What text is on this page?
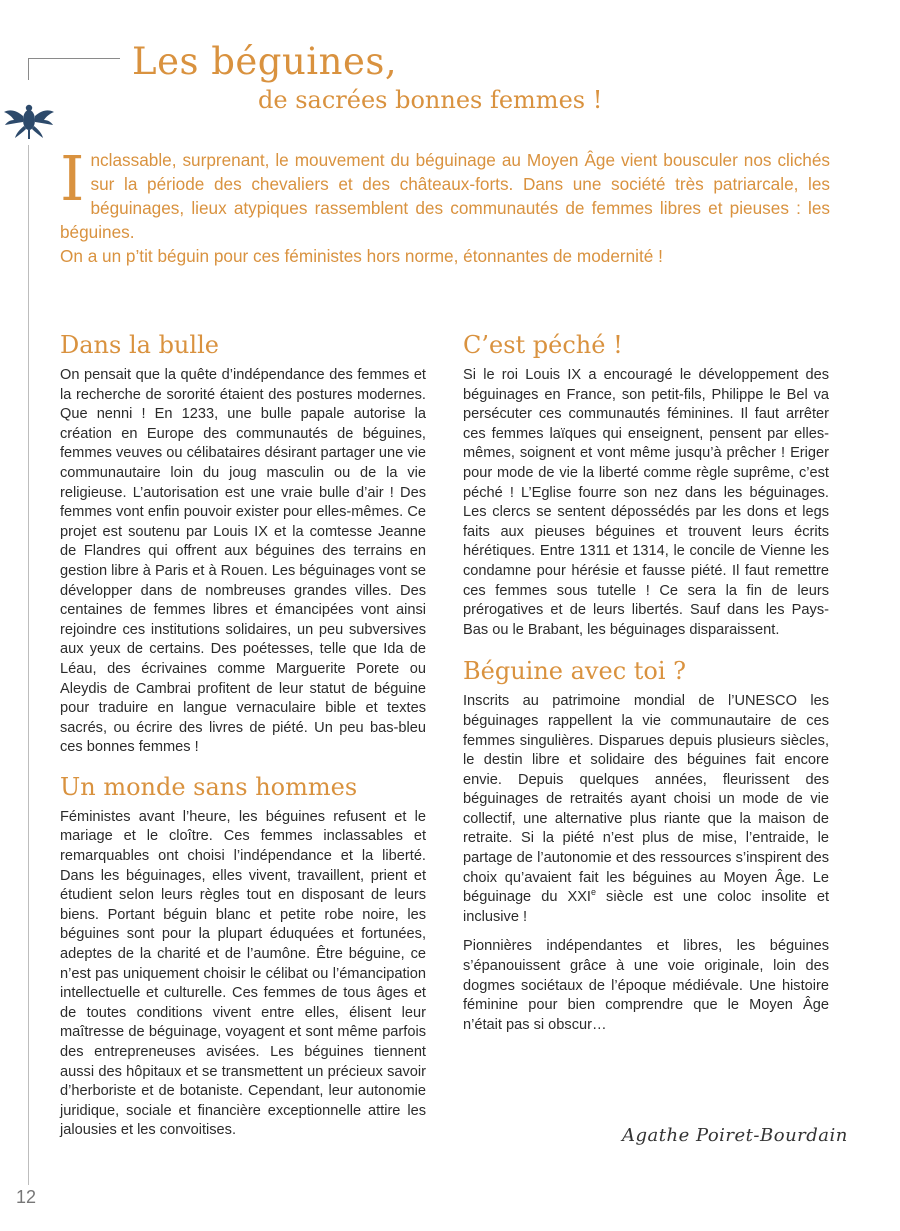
Les béguines,
de sacrées bonnes femmes !
I nclassable, surprenant, le mouvement du béguinage au Moyen Âge vient bousculer nos clichés sur la période des chevaliers et des châteaux-forts. Dans une société très patriarcale, les béguinages, lieux atypiques rassemblent des communautés de femmes libres et pieuses : les béguines.

On a un p’tit béguin pour ces féministes hors norme, étonnantes de modernité !

Dans la bulle

On pensait que la quête d’indépendance des femmes et la recherche de sororité étaient des postures modernes. Que nenni ! En 1233, une bulle papale autorise la création en Europe des communautés de béguines, femmes veuves ou célibataires désirant partager une vie communautaire loin du joug masculin ou de la vie religieuse. L’autorisation est une vraie bulle d’air ! Des femmes vont enfin pouvoir exister pour elles-mêmes. Ce projet est soutenu par Louis IX et la comtesse Jeanne de Flandres qui offrent aux béguines des terrains en gestion libre à Paris et à Rouen. Les béguinages vont se développer dans de nombreuses grandes villes. Des centaines de femmes libres et émancipées vont ainsi rejoindre ces institutions solidaires, un peu subversives aux yeux de certains. Des poétesses, telle que Ida de Léau, des écrivaines comme Marguerite Porete ou Aleydis de Cambrai profitent de leur statut de béguine pour traduire en langue vernaculaire bible et textes sacrés, ou écrire des livres de piété. Un peu bas-bleu ces bonnes femmes !

Un monde sans hommes

Féministes avant l’heure, les béguines refusent et le mariage et le cloître. Ces femmes inclassables et remarquables ont choisi l’indépendance et la liberté. Dans les béguinages, elles vivent, travaillent, prient et étudient selon leurs règles tout en disposant de leurs biens. Portant béguin blanc et petite robe noire, les béguines sont pour la plupart éduquées et fortunées, adeptes de la charité et de l’aumône. Être béguine, ce n’est pas uniquement choisir le célibat ou l’émancipation intellectuelle et culturelle. Ces femmes de tous âges et de toutes conditions vivent entre elles, élisent leur maîtresse de béguinage, voyagent et sont même parfois des entrepreneuses avisées. Les béguines tiennent aussi des hôpitaux et se transmettent un précieux savoir d’herboriste et de botaniste. Cependant, leur autonomie juridique, sociale et financière exceptionnelle attire les jalousies et les convoitises.

C’est péché !

Si le roi Louis IX a encouragé le développement des béguinages en France, son petit-fils, Philippe le Bel va persécuter ces communautés féminines. Il faut arrêter ces femmes laïques qui enseignent, pensent par elles-mêmes, soignent et vont même jusqu’à prêcher ! Eriger pour mode de vie la liberté comme règle suprême, c’est péché ! L’Eglise fourre son nez dans les béguinages. Les clercs se sentent dépossédés par les dons et legs faits aux pieuses béguines et trouvent leurs écrits hérétiques. Entre 1311 et 1314, le concile de Vienne les condamne pour hérésie et fausse piété. Il faut remettre ces femmes sous tutelle ! Ce sera la fin de leurs prérogatives et de leurs libertés. Sauf dans les Pays-Bas ou le Brabant, les béguinages disparaissent.

Béguine avec toi ?

Inscrits au patrimoine mondial de l’UNESCO les béguinages rappellent la vie communautaire de ces femmes singulières. Disparues depuis plusieurs siècles, le destin libre et solidaire des béguines fait encore envie. Depuis quelques années, fleurissent des béguinages de retraités ayant choisi un mode de vie collectif, une alternative plus riante que la maison de retraite. Si la piété n’est plus de mise, l’entraide, le partage de l’autonomie et des ressources s’inspirent des choix qu’avaient fait les béguines au Moyen Âge. Le béguinage du XXIe siècle est une coloc insolite et inclusive !

Pionnières indépendantes et libres, les béguines s’épanouissent grâce à une voie originale, loin des dogmes sociétaux de l’époque médiévale. Une histoire féminine pour bien comprendre que le Moyen Âge n’était pas si obscur…

Agathe Poiret-Bourdain
12
